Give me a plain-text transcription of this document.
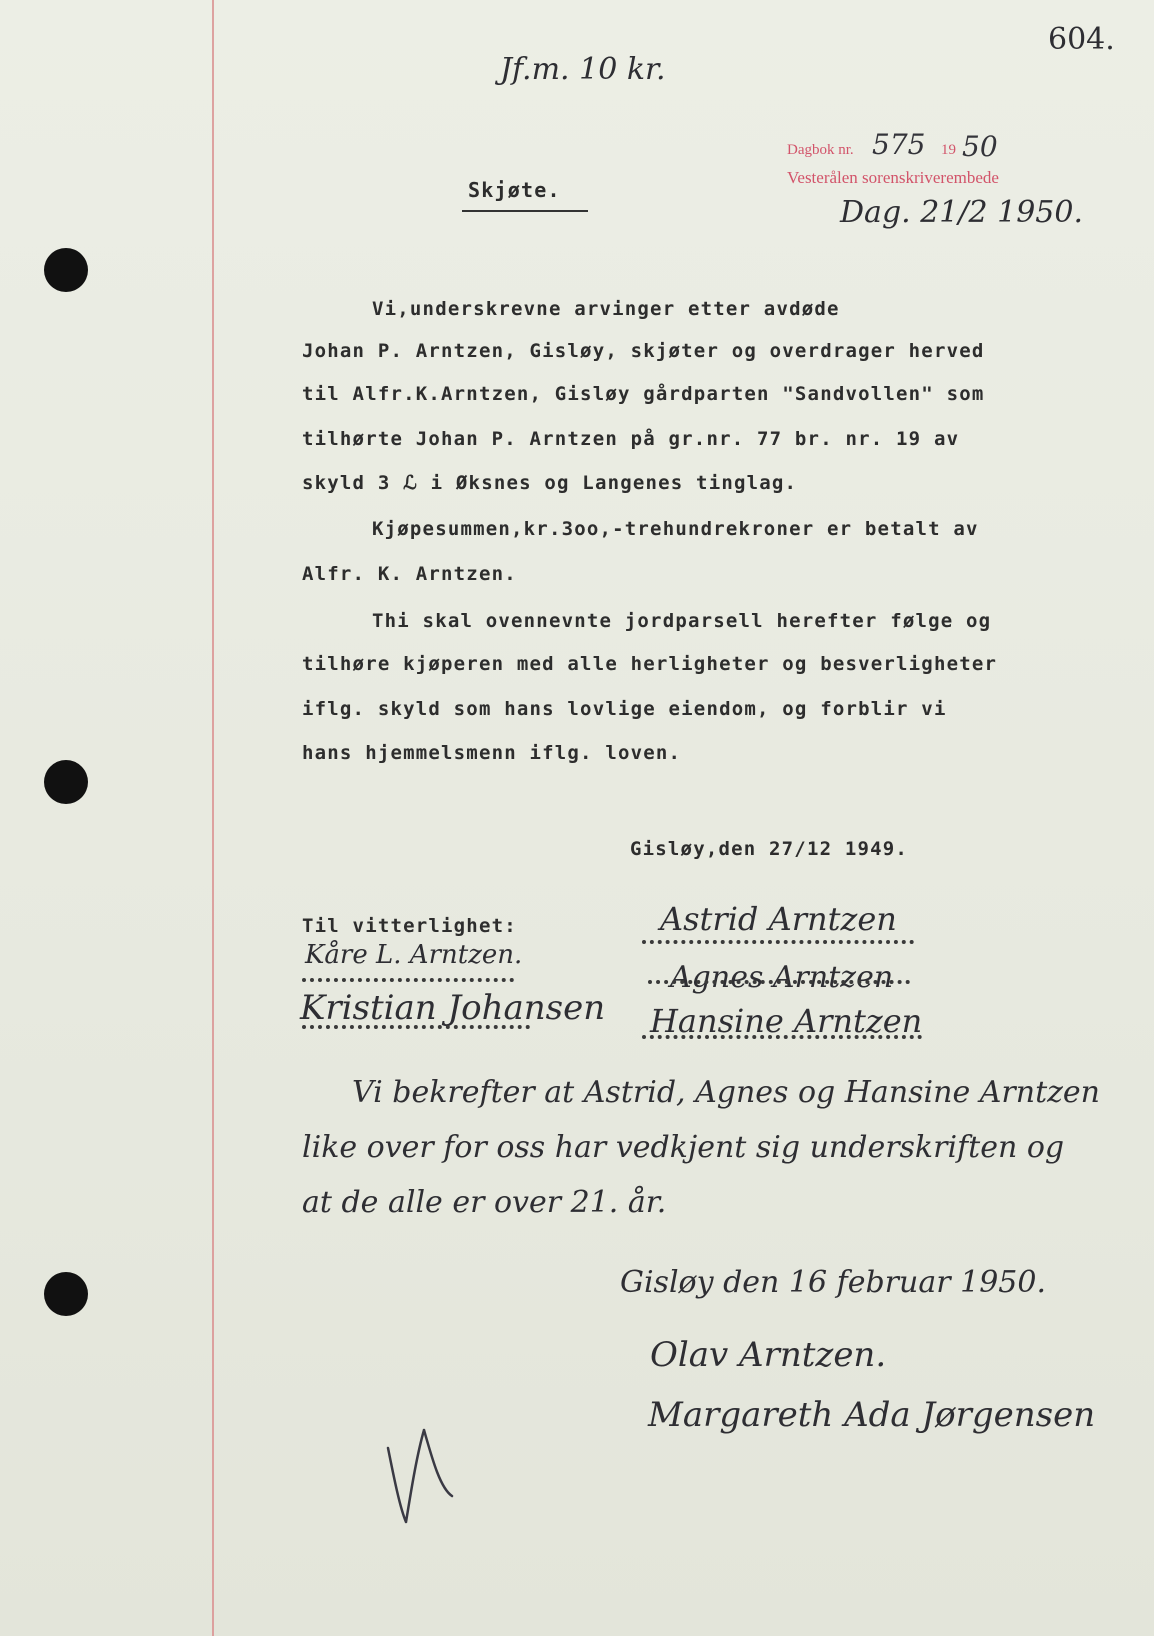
Jf.m. 10 kr.
604.
Dagbok nr. 575 19 50
Vesterålen sorenskriverembede
Dag. 21/2 1950.
Skjøte.
Vi,underskrevne arvinger etter avdøde
Johan P. Arntzen, Gisløy, skjøter og overdrager herved
til Alfr.K.Arntzen, Gisløy gårdparten "Sandvollen" som
tilhørte Johan P. Arntzen på gr.nr. 77 br. nr. 19 av
skyld 3 ℒ i Øksnes og Langenes tinglag.
Kjøpesummen,kr.3oo,-trehundrekroner er betalt av
Alfr. K. Arntzen.
Thi skal ovennevnte jordparsell herefter følge og
tilhøre kjøperen med alle herligheter og besverligheter
iflg. skyld som hans lovlige eiendom, og forblir vi
hans hjemmelsmenn iflg. loven.
Gisløy,den 27/12 1949.
Til vitterlighet:	Astrid Arntzen
Kåre L. Arntzen.
Agnes Arntzen
Kristian Johansen Hansine Arntzen
Vi bekrefter at Astrid, Agnes og Hansine Arntzen
like over for oss har vedkjent sig underskriften og
at de alle er over 21. år.
Gisløy den 16 februar 1950.
Olav Arntzen.
Margareth Ada Jørgensen
